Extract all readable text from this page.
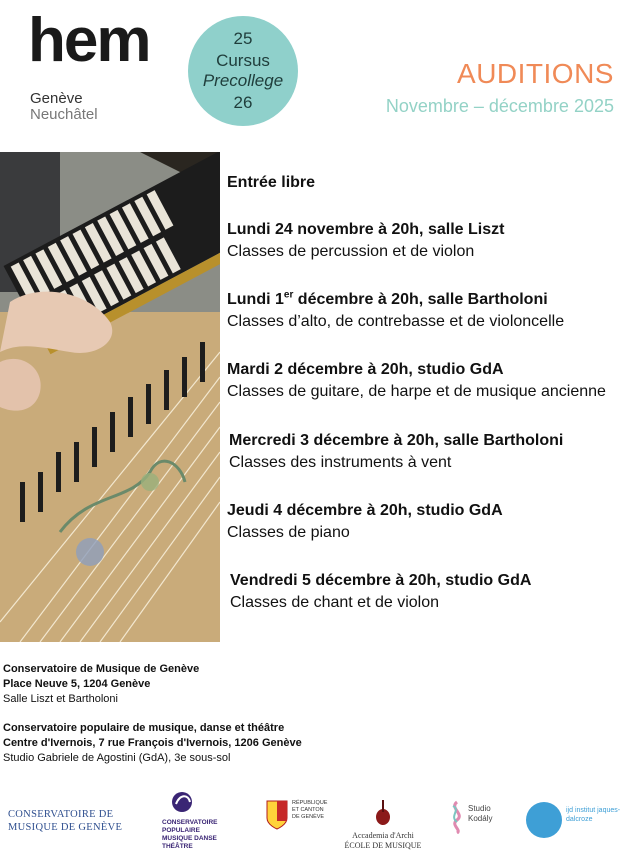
hem
Genève
Neuchâtel
25
Cursus
Precollege
26
AUDITIONS
Novembre – décembre 2025
Entrée libre
Lundi 24 novembre à 20h, salle Liszt
Classes de percussion et de violon
Lundi 1er décembre à 20h, salle Bartholoni
Classes d’alto, de contrebasse et de violoncelle
Mardi 2 décembre à 20h, studio GdA
Classes de guitare, de harpe et de musique ancienne
Mercredi 3 décembre à 20h, salle Bartholoni
Classes des instruments à vent
Jeudi 4 décembre à 20h, studio GdA
Classes de piano
Vendredi 5 décembre à 20h, studio GdA
Classes de chant et de violon
Conservatoire de Musique de Genève
Place Neuve 5, 1204 Genève
Salle Liszt et Bartholoni
Conservatoire populaire de musique, danse et théâtre
Centre d'Ivernois, 7 rue François d'Ivernois, 1206 Genève
Studio Gabriele de Agostini (GdA), 3e sous-sol
CONSERVATOIRE DE MUSIQUE DE GENÈVE	CONSERVATOIRE POPULAIRE MUSIQUE DANSE THÉÂTRE
RÉPUBLIQUE ET CANTON DE GENÈVE
Accademia d'Archi ÉCOLE DE MUSIQUE
Studio Kodály
ijd institut jaques-dalcroze
